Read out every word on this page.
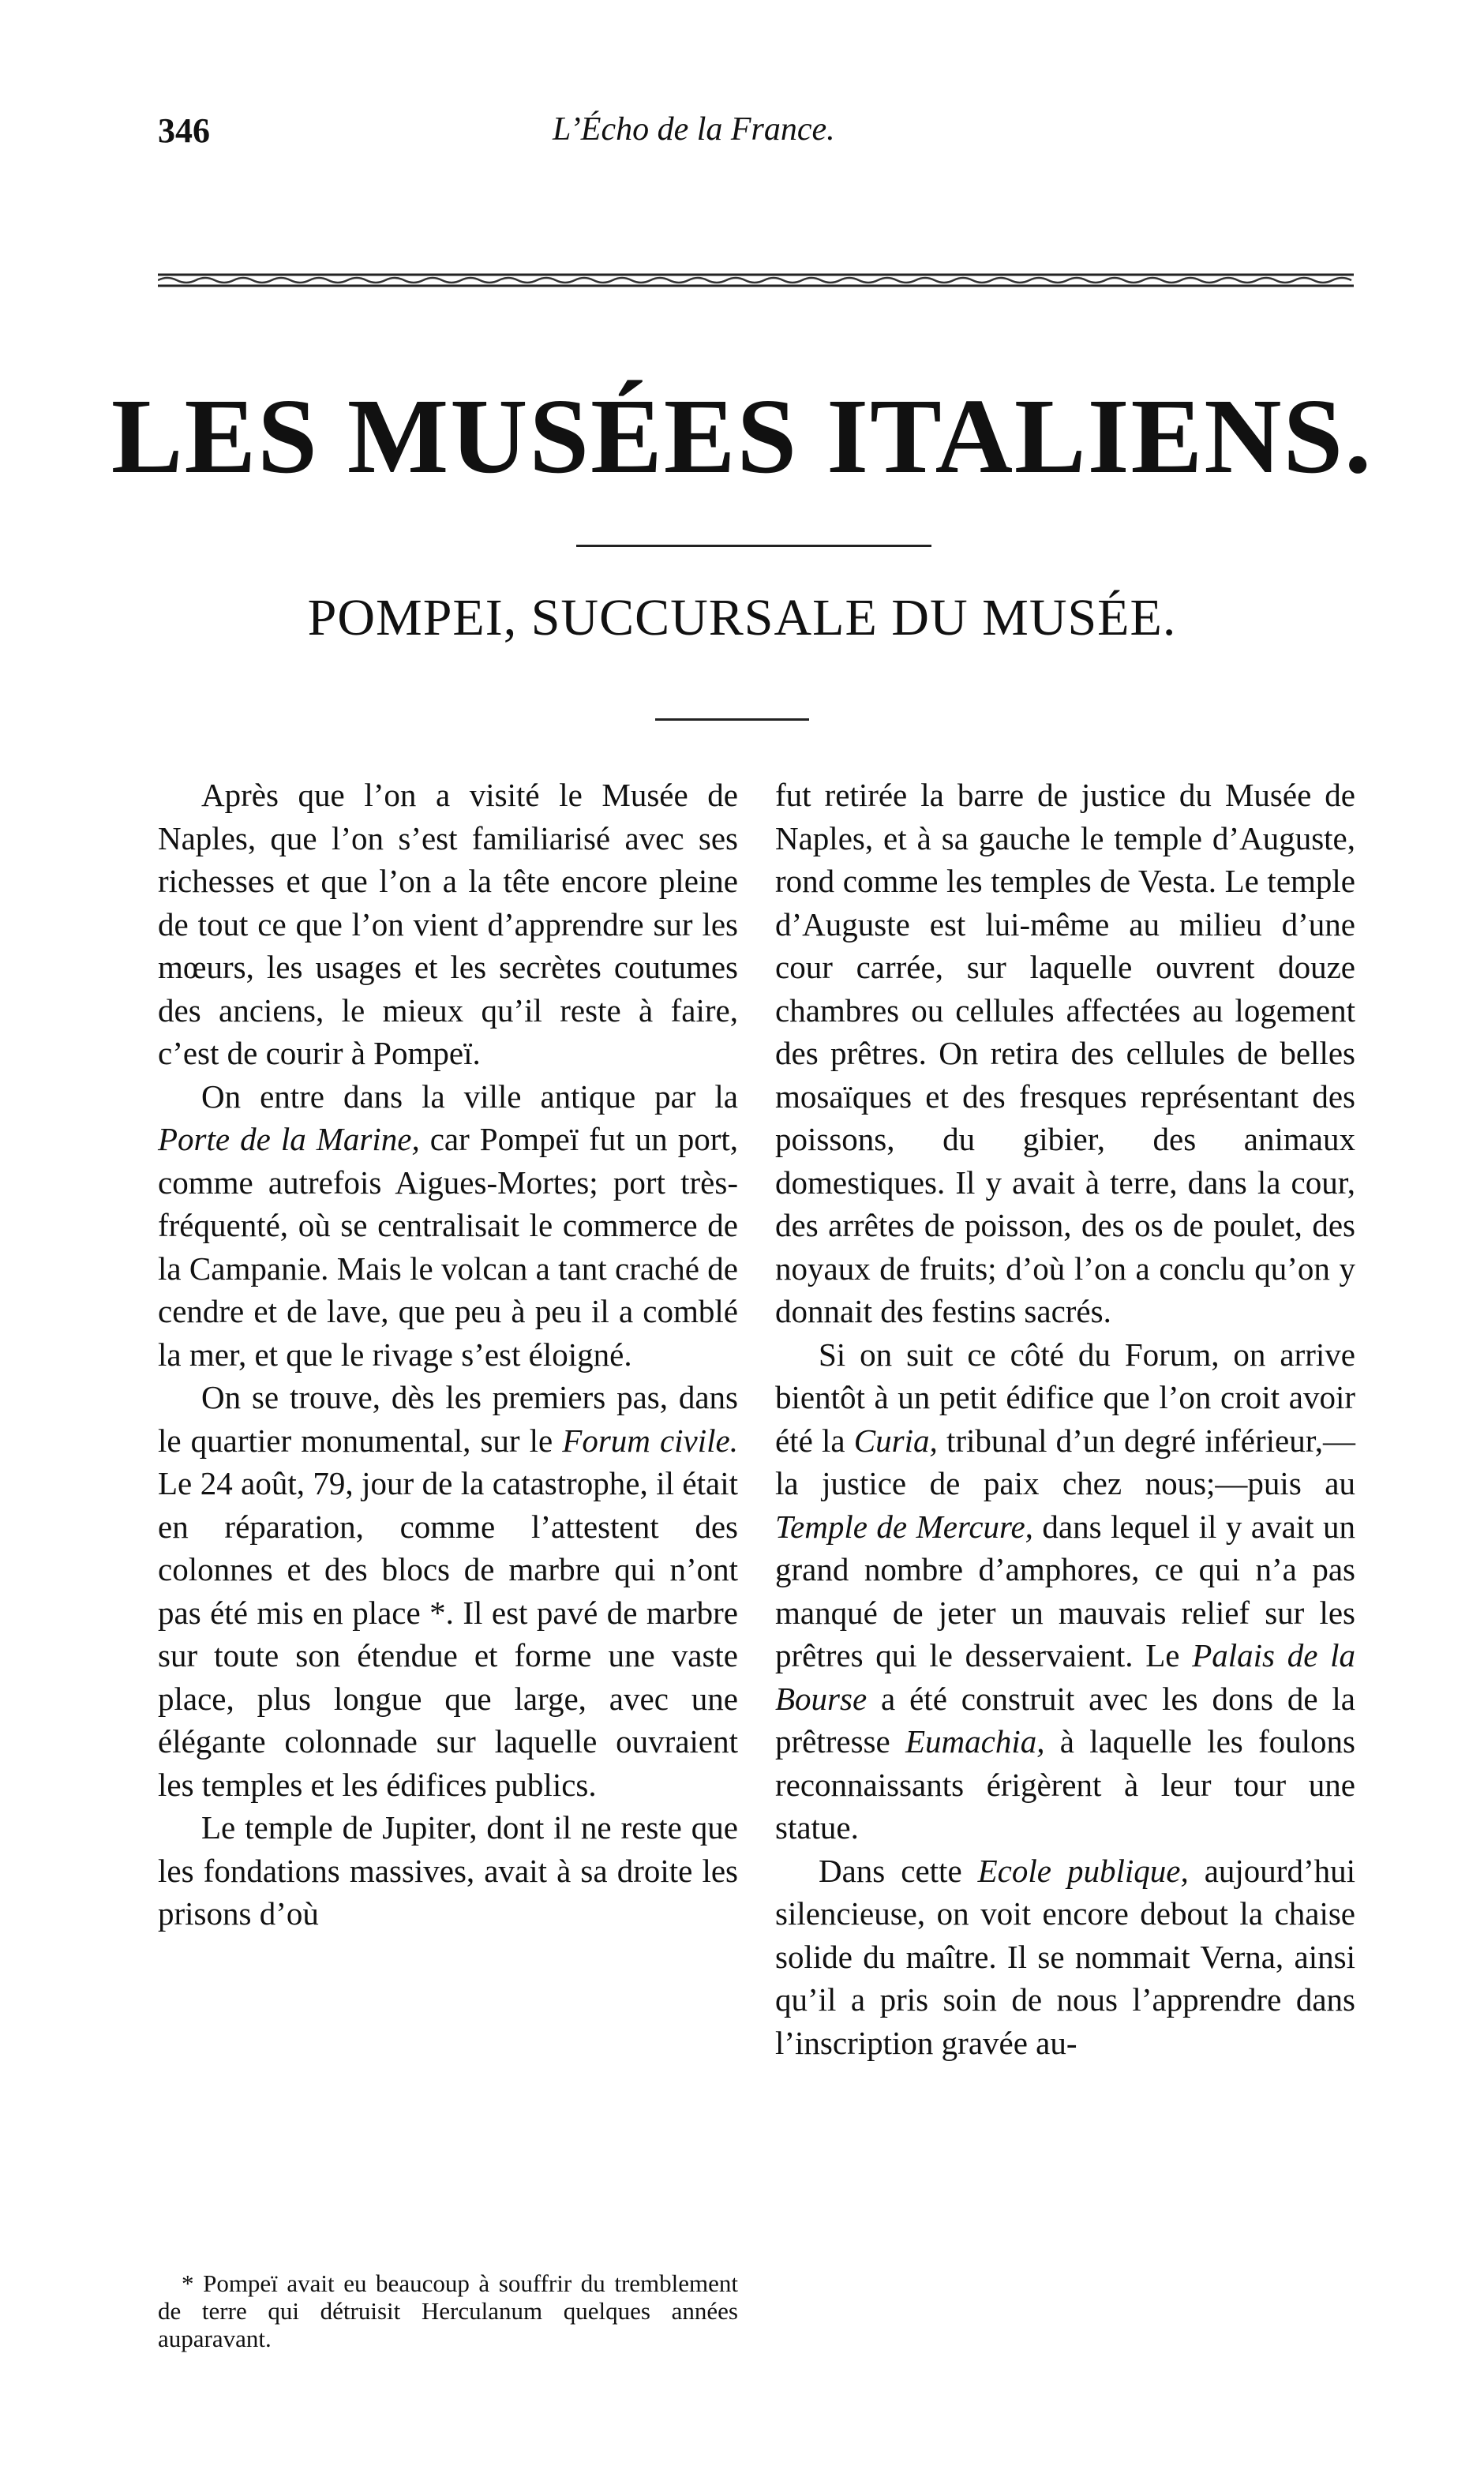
346	L’Écho de la France.
LES MUSÉES ITALIENS.
POMPEI, SUCCURSALE DU MUSÉE.

Après que l’on a visité le Musée de Naples, que l’on s’est familiarisé avec ses richesses et que l’on a la tête encore pleine de tout ce que l’on vient d’apprendre sur les mœurs, les usages et les secrètes coutumes des anciens, le mieux qu’il reste à faire, c’est de courir à Pompeï.

On entre dans la ville antique par la Porte de la Marine, car Pompeï fut un port, comme autrefois Aigues-Mortes; port très-fréquenté, où se centralisait le commerce de la Campanie. Mais le volcan a tant craché de cendre et de lave, que peu à peu il a comblé la mer, et que le rivage s’est éloigné.

On se trouve, dès les premiers pas, dans le quartier monumental, sur le Forum civile. Le 24 août, 79, jour de la catastrophe, il était en réparation, comme l’attestent des colonnes et des blocs de marbre qui n’ont pas été mis en place *. Il est pavé de marbre sur toute son étendue et forme une vaste place, plus longue que large, avec une élégante colonnade sur laquelle ouvraient les temples et les édifices publics.

Le temple de Jupiter, dont il ne reste que les fondations massives, avait à sa droite les prisons d’où

* Pompeï avait eu beaucoup à souffrir du tremblement de terre qui détruisit Herculanum quelques années auparavant.

fut retirée la barre de justice du Musée de Naples, et à sa gauche le temple d’Auguste, rond comme les temples de Vesta. Le temple d’Auguste est lui-même au milieu d’une cour carrée, sur laquelle ouvrent douze chambres ou cellules affectées au logement des prêtres. On retira des cellules de belles mosaïques et des fresques représentant des poissons, du gibier, des animaux domestiques. Il y avait à terre, dans la cour, des arrêtes de poisson, des os de poulet, des noyaux de fruits; d’où l’on a conclu qu’on y donnait des festins sacrés.

Si on suit ce côté du Forum, on arrive bientôt à un petit édifice que l’on croit avoir été la Curia, tribunal d’un degré inférieur,—la justice de paix chez nous;—puis au Temple de Mercure, dans lequel il y avait un grand nombre d’amphores, ce qui n’a pas manqué de jeter un mauvais relief sur les prêtres qui le desservaient. Le Palais de la Bourse a été construit avec les dons de la prêtresse Eumachia, à laquelle les foulons reconnaissants érigèrent à leur tour une statue.

Dans cette Ecole publique, aujourd’hui silencieuse, on voit encore debout la chaise solide du maître. Il se nommait Verna, ainsi qu’il a pris soin de nous l’apprendre dans l’inscription gravée au-
